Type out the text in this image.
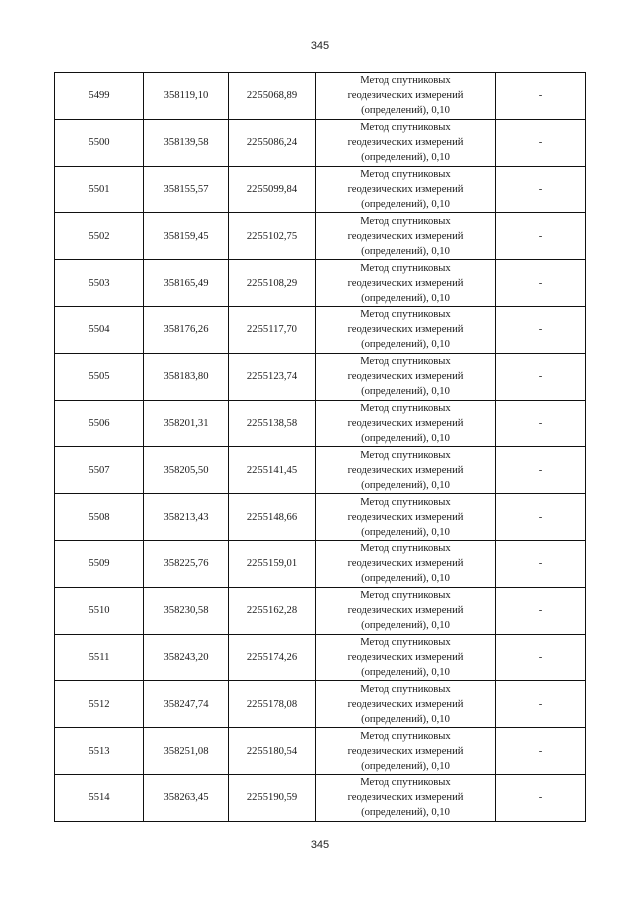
345
5499	358119,10	2255068,89	Метод спутниковых
геодезических измерений
(определений), 0,10	-
5500	358139,58	2255086,24	Метод спутниковых
геодезических измерений
(определений), 0,10	-
5501	358155,57	2255099,84	Метод спутниковых
геодезических измерений
(определений), 0,10	-
5502	358159,45	2255102,75	Метод спутниковых
геодезических измерений
(определений), 0,10	-
5503	358165,49	2255108,29	Метод спутниковых
геодезических измерений
(определений), 0,10	-
5504	358176,26	2255117,70	Метод спутниковых
геодезических измерений
(определений), 0,10	-
5505	358183,80	2255123,74	Метод спутниковых
геодезических измерений
(определений), 0,10	-
5506	358201,31	2255138,58	Метод спутниковых
геодезических измерений
(определений), 0,10	-
5507	358205,50	2255141,45	Метод спутниковых
геодезических измерений
(определений), 0,10	-
5508	358213,43	2255148,66	Метод спутниковых
геодезических измерений
(определений), 0,10	-
5509	358225,76	2255159,01	Метод спутниковых
геодезических измерений
(определений), 0,10	-
5510	358230,58	2255162,28	Метод спутниковых
геодезических измерений
(определений), 0,10	-
5511	358243,20	2255174,26	Метод спутниковых
геодезических измерений
(определений), 0,10	-
5512	358247,74	2255178,08	Метод спутниковых
геодезических измерений
(определений), 0,10	-
5513	358251,08	2255180,54	Метод спутниковых
геодезических измерений
(определений), 0,10	-
5514	358263,45	2255190,59	Метод спутниковых
геодезических измерений
(определений), 0,10	-
345
